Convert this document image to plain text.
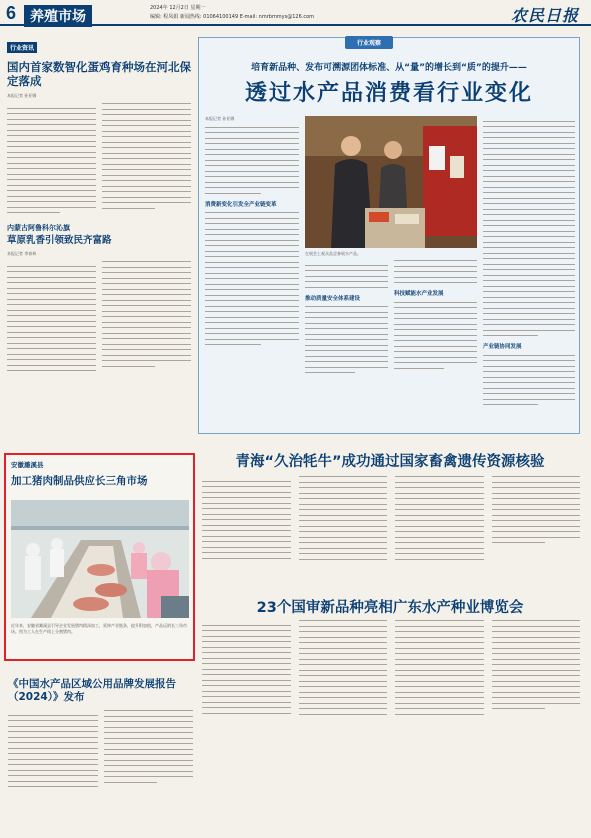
6 养殖市场
2024年 12月2日 星期一
编辑: 程凤娟 新闻热线: 01064100149 E-mail: nmrbmmys@126.com	农民日报
行业资讯
国内首家数智化蛋鸡育种场在河北保定落成
本报记者 孙亚娜
内蒙古阿鲁科尔沁旗
草原乳香引领致民齐富路
本报记者 李春林
行业观察
培育新品种、发布可溯源团体标准、从“量”的增长到“质”的提升——
透过水产品消费看行业变化
本报记者 孙亚娜
消费新变化引发全产业链变革
在展会上观众品尝参展水产品。
产业链协同发展
推动质量安全体系建设
科技赋能水产业发展
青海“久治牦牛”成功通过国家畜禽遗传资源核验
安徽濉溪县
加工猪肉制品供应长三角市场
近年来，安徽省濉溪县引导企业发展猪肉精深加工，延伸产业链条，提升附加值，产品远销长三角市场。图为工人在生产线上分割猪肉。
23个国审新品种亮相广东水产种业博览会
《中国水产品区域公用品牌发展报告（2024）》发布
